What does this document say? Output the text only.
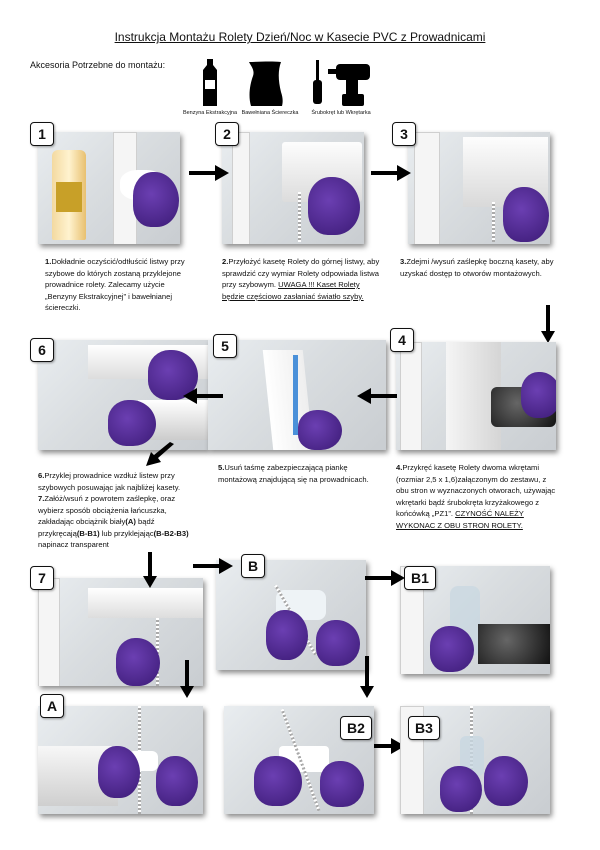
Instrukcja Montażu Rolety Dzień/Noc w Kasecie PVC z Prowadnicami
Akcesoria Potrzebne do montażu:
Benzyna Ekstrakcyjna Bawełniana Ściereczka	Śrubokręt lub Wkrętarka
1	2	3
1.Dokładnie oczyścić/odtłuścić listwy przy szybowe do których zostaną przyklejone prowadnice rolety. Zalecamy użycie „Benzyny Ekstrakcyjnej” i bawełnianej ściereczki.
2.Przyłożyć kasetę Rolety do górnej listwy, aby sprawdzić czy wymiar Rolety odpowiada listwa przy szybowym. UWAGA !!! Kaset Rolety będzie częściowo zasłaniać światło szyby.
3.Zdejmi /wysuń zaślepkę boczną kasety, aby uzyskać dostęp to otworów montażowych.
6	5	4
6.Przyklej prowadnice wzdłuż listew przy szybowych posuwając jak najbliżej kasety. 7.Załóż/wsuń z powrotem zaślepkę, oraz wybierz sposób obciążenia łańcuszka, zakładając obciążnik biały(A) bądź przykręcają(B-B1) lub przyklejając(B-B2-B3) napinacz transparent
5.Usuń taśmę zabezpieczającą piankę montażową znajdującą się na prowadnicach.
4.Przykręć kasetę Rolety dwoma wkrętami (rozmiar 2,5 x 1,6)załączonym do zestawu, z obu stron w wyznaczonych otworach, używając wkrętarki bądź śrubokręta krzyżakowego z końcówką „PZ1”. CZYNOŚĆ NALEŻY WYKONAC Z OBU STRON ROLETY.
7
B
B1
A
B2	B3
